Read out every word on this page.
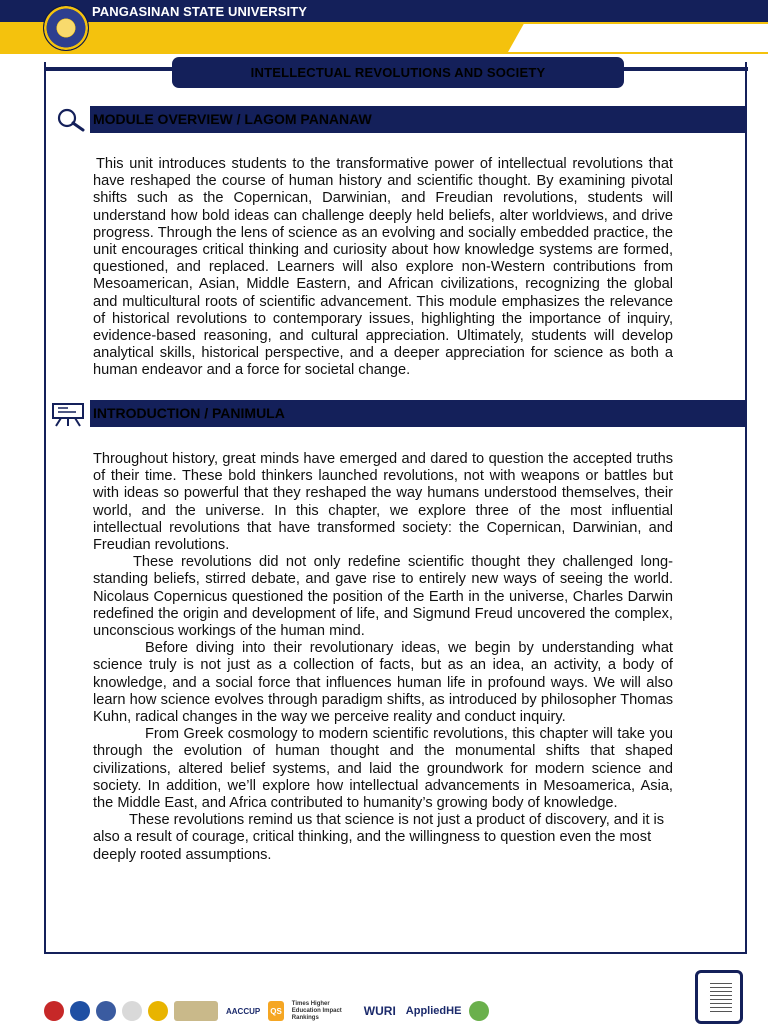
PANGASINAN STATE UNIVERSITY
INTELLECTUAL REVOLUTIONS AND SOCIETY
MODULE OVERVIEW / LAGOM PANANAW

This unit introduces students to the transformative power of intellectual revolutions that have reshaped the course of human history and scientific thought. By examining pivotal shifts such as the Copernican, Darwinian, and Freudian revolutions, students will understand how bold ideas can challenge deeply held beliefs, alter worldviews, and drive progress. Through the lens of science as an evolving and socially embedded practice, the unit encourages critical thinking and curiosity about how knowledge systems are formed, questioned, and replaced. Learners will also explore non-Western contributions from Mesoamerican, Asian, Middle Eastern, and African civilizations, recognizing the global and multicultural roots of scientific advancement. This module emphasizes the relevance of historical revolutions to contemporary issues, highlighting the importance of inquiry, evidence-based reasoning, and cultural appreciation. Ultimately, students will develop analytical skills, historical perspective, and a deeper appreciation for science as both a human endeavor and a force for societal change.

INTRODUCTION / PANIMULA

Throughout history, great minds have emerged and dared to question the accepted truths of their time. These bold thinkers launched revolutions, not with weapons or battles but with ideas so powerful that they reshaped the way humans understood themselves, their world, and the universe. In this chapter, we explore three of the most influential intellectual revolutions that have transformed society: the Copernican, Darwinian, and Freudian revolutions.

These revolutions did not only redefine scientific thought they challenged long-standing beliefs, stirred debate, and gave rise to entirely new ways of seeing the world. Nicolaus Copernicus questioned the position of the Earth in the universe, Charles Darwin redefined the origin and development of life, and Sigmund Freud uncovered the complex, unconscious workings of the human mind.

Before diving into their revolutionary ideas, we begin by understanding what science truly is not just as a collection of facts, but as an idea, an activity, a body of knowledge, and a social force that influences human life in profound ways. We will also learn how science evolves through paradigm shifts, as introduced by philosopher Thomas Kuhn, radical changes in the way we perceive reality and conduct inquiry.

From Greek cosmology to modern scientific revolutions, this chapter will take you through the evolution of human thought and the monumental shifts that shaped civilizations, altered belief systems, and laid the groundwork for modern science and society. In addition, we’ll explore how intellectual advancements in Mesoamerica, Asia, the Middle East, and Africa contributed to humanity’s growing body of knowledge.

These revolutions remind us that science is not just a product of discovery, and it is also a result of courage, critical thinking, and the willingness to question even the most deeply rooted assumptions.

AACCUP QS
Times Higher Education Impact Rankings	WURI AppliedHE
